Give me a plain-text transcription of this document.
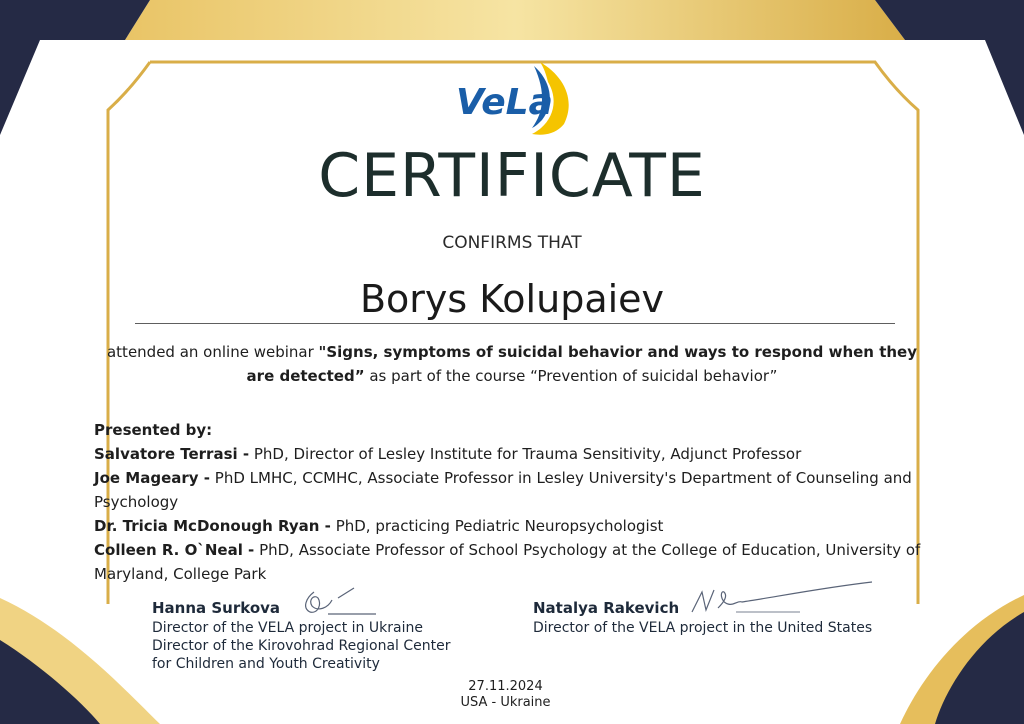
VeLa
CERTIFICATE
CONFIRMS THAT
Borys Kolupaiev
attended an online webinar "Signs, symptoms of suicidal behavior and ways to respond when they are detected” as part of the course “Prevention of suicidal behavior”

Presented by:

Salvatore Terrasi - PhD, Director of Lesley Institute for Trauma Sensitivity, Adjunct Professor

Joe Mageary - PhD LMHC, CCMHC, Associate Professor in Lesley University's Department of Counseling and Psychology

Dr. Tricia McDonough Ryan - PhD, practicing Pediatric Neuropsychologist

Colleen R. O`Neal - PhD, Associate Professor of School Psychology at the College of Education, University of Maryland, College Park

Hanna Surkova

Director of the VELA project in Ukraine

Director of the Kirovohrad Regional Center

for Children and Youth Creativity

Natalya Rakevich

Director of the VELA project in the United States

27.11.2024

USA - Ukraine
